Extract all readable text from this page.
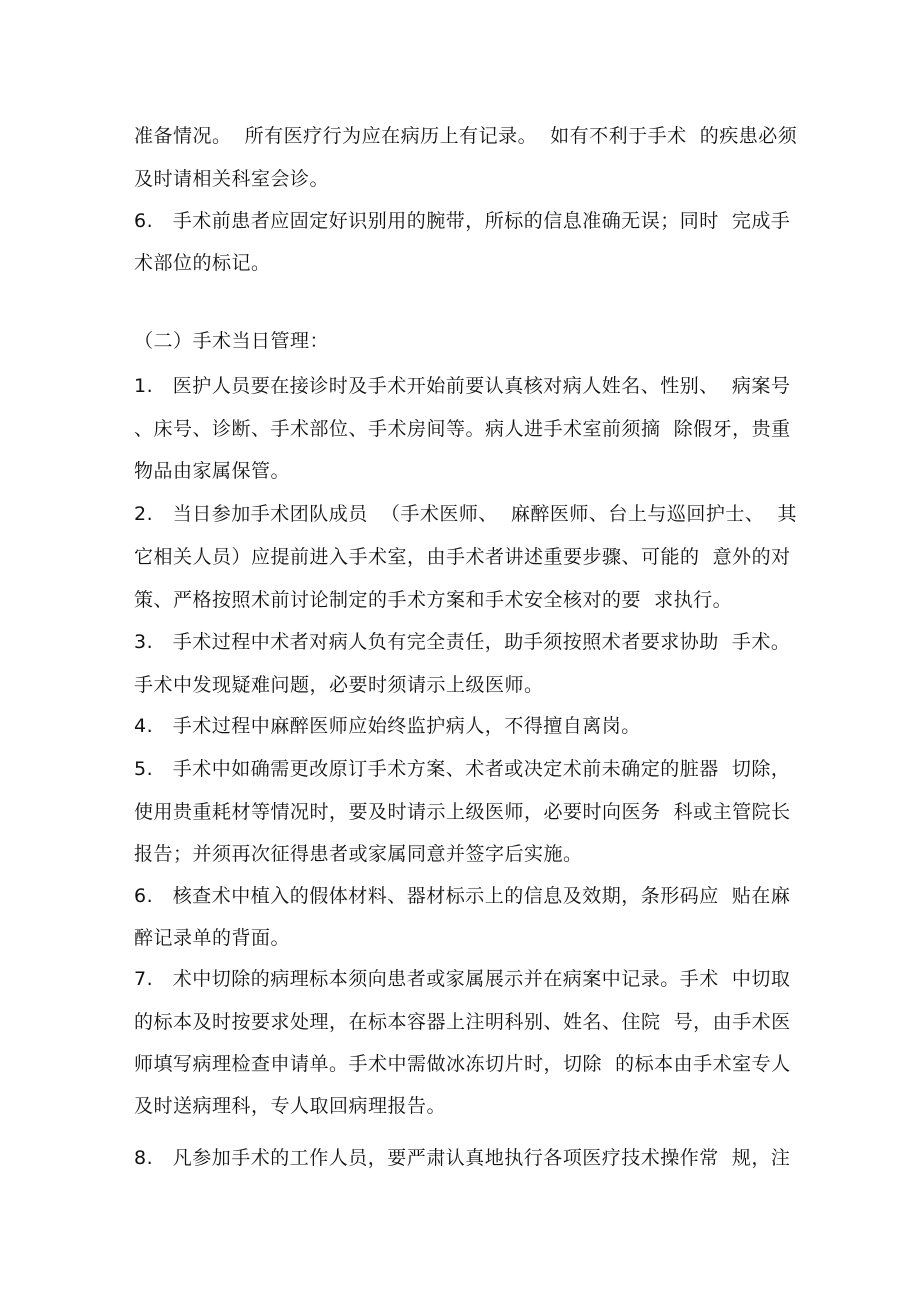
准备情况。  所有医疗行为应在病历上有记录。  如有不利于手术  的疾患必须
及时请相关科室会诊。
6.   手术前患者应固定好识别用的腕带，所标的信息准确无误；同时  完成手
术部位的标记。
（二）手术当日管理：
1.   医护人员要在接诊时及手术开始前要认真核对病人姓名、性别、  病案号
、床号、诊断、手术部位、手术房间等。病人进手术室前须摘  除假牙，贵重
物品由家属保管。
2.   当日参加手术团队成员  （手术医师、  麻醉医师、台上与巡回护士、  其
它相关人员）应提前进入手术室，由手术者讲述重要步骤、可能的  意外的对
策、严格按照术前讨论制定的手术方案和手术安全核对的要  求执行。
3.   手术过程中术者对病人负有完全责任，助手须按照术者要求协助  手术。
手术中发现疑难问题，必要时须请示上级医师。
4.   手术过程中麻醉医师应始终监护病人，不得擅自离岗。
5.   手术中如确需更改原订手术方案、术者或决定术前未确定的脏器  切除，
使用贵重耗材等情况时，要及时请示上级医师，必要时向医务  科或主管院长
报告；并须再次征得患者或家属同意并签字后实施。
6.   核查术中植入的假体材料、器材标示上的信息及效期，条形码应  贴在麻
醉记录单的背面。
7.   术中切除的病理标本须向患者或家属展示并在病案中记录。手术  中切取
的标本及时按要求处理，在标本容器上注明科别、姓名、住院  号，由手术医
师填写病理检查申请单。手术中需做冰冻切片时，切除  的标本由手术室专人
及时送病理科，专人取回病理报告。
8.   凡参加手术的工作人员，要严肃认真地执行各项医疗技术操作常  规，注
